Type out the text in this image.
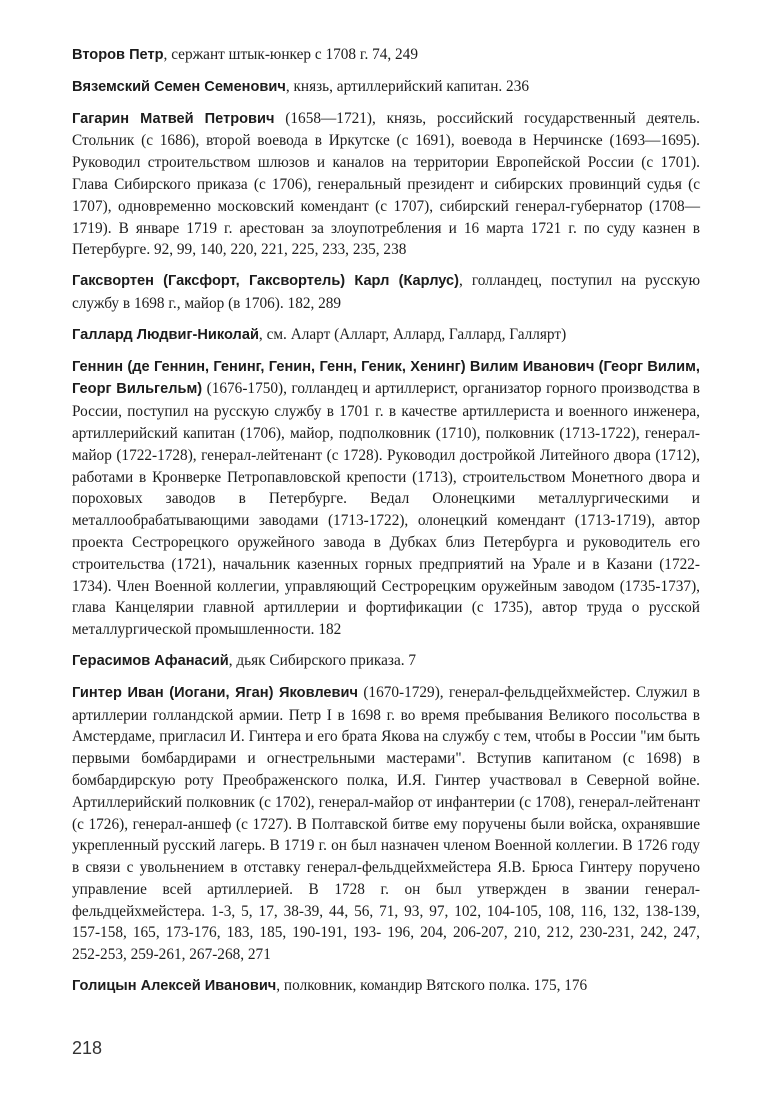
Второв Петр, сержант штык-юнкер с 1708 г. 74, 249

Вяземский Семен Семенович, князь, артиллерийский капитан. 236

Гагарин Матвей Петрович (1658—1721), князь, российский государственный деятель. Стольник (с 1686), второй воевода в Иркутске (с 1691), воевода в Нерчинске (1693—1695). Руководил строительством шлюзов и каналов на территории Европейской России (с 1701). Глава Сибирского приказа (с 1706), генеральный президент и сибирских провинций судья (с 1707), одновременно московский комендант (с 1707), сибирский генерал-губернатор (1708—1719). В январе 1719 г. арестован за злоупотребления и 16 марта 1721 г. по суду казнен в Петербурге. 92, 99, 140, 220, 221, 225, 233, 235, 238

Гаксвортен (Гаксфорт, Гаксвортель) Карл (Карлус), голландец, поступил на русскую службу в 1698 г., майор (в 1706). 182, 289

Галлард Людвиг-Николай, см. Аларт (Алларт, Аллард, Галлард, Галлярт)

Геннин (де Геннин, Генинг, Генин, Генн, Геник, Хенинг) Вилим Иванович (Георг Вилим, Георг Вильгельм) (1676-1750), голландец и артиллерист, организатор горного производства в России, поступил на русскую службу в 1701 г. в качестве артиллериста и военного инженера, артиллерийский капитан (1706), майор, подполковник (1710), полковник (1713-1722), генерал-майор (1722-1728), генерал-лейтенант (с 1728). Руководил достройкой Литейного двора (1712), работами в Кронверке Петропавловской крепости (1713), строительством Монетного двора и пороховых заводов в Петербурге. Ведал Олонецкими металлургическими и металлообрабатывающими заводами (1713-1722), олонецкий комендант (1713-1719), автор проекта Сестрорецкого оружейного завода в Дубках близ Петербурга и руководитель его строительства (1721), начальник казенных горных предприятий на Урале и в Казани (1722-1734). Член Военной коллегии, управляющий Сестрорецким оружейным заводом (1735-1737), глава Канцелярии главной артиллерии и фортификации (с 1735), автор труда о русской металлургической промышленности. 182

Герасимов Афанасий, дьяк Сибирского приказа. 7

Гинтер Иван (Иогани, Яган) Яковлевич (1670-1729), генерал-фельдцейхмейстер. Служил в артиллерии голландской армии. Петр I в 1698 г. во время пребывания Великого посольства в Амстердаме, пригласил И. Гинтера и его брата Якова на службу с тем, чтобы в России "им быть первыми бомбардирами и огнестрельными мастерами". Вступив капитаном (с 1698) в бомбардирскую роту Преображенского полка, И.Я. Гинтер участвовал в Северной войне. Артиллерийский полковник (с 1702), генерал-майор от инфантерии (с 1708), генерал-лейтенант (с 1726), генерал-аншеф (с 1727). В Полтавской битве ему поручены были войска, охранявшие укрепленный русский лагерь. В 1719 г. он был назначен членом Военной коллегии. В 1726 году в связи с увольнением в отставку генерал-фельдцейхмейстера Я.В. Брюса Гинтеру поручено управление всей артиллерией. В 1728 г. он был утвержден в звании генерал-фельдцейхмейстера. 1-3, 5, 17, 38-39, 44, 56, 71, 93, 97, 102, 104-105, 108, 116, 132, 138-139, 157-158, 165, 173-176, 183, 185, 190-191, 193- 196, 204, 206-207, 210, 212, 230-231, 242, 247, 252-253, 259-261, 267-268, 271

Голицын Алексей Иванович, полковник, командир Вятского полка. 175, 176

218
